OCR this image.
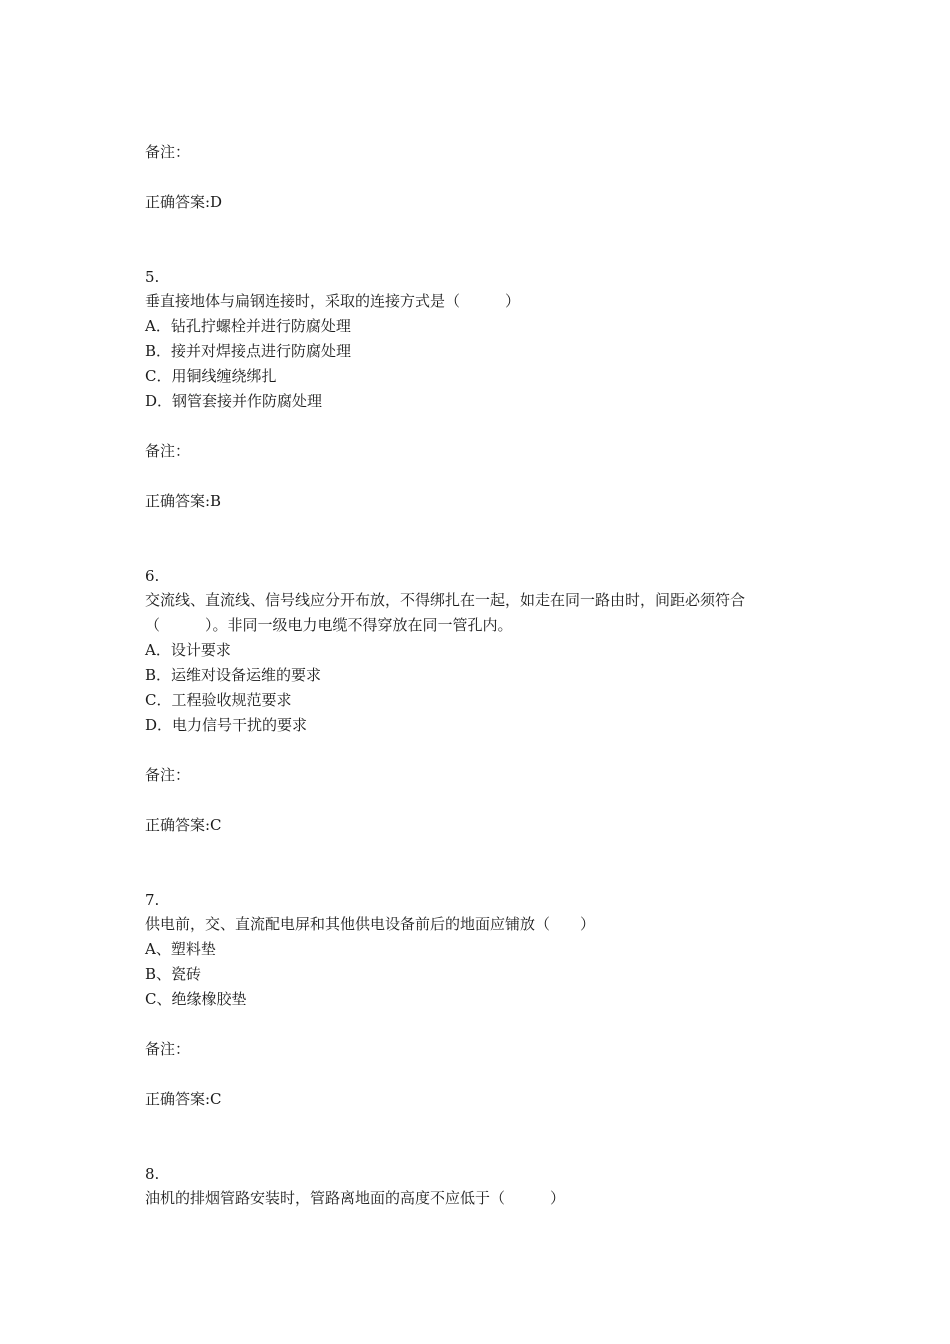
备注：
正确答案:D
5.
垂直接地体与扁钢连接时，采取的连接方式是（　　　）
A．钻孔拧螺栓并进行防腐处理
B．接并对焊接点进行防腐处理
C．用铜线缠绕绑扎
D．钢管套接并作防腐处理
备注：
正确答案:B
6.
交流线、直流线、信号线应分开布放，不得绑扎在一起，如走在同一路由时，间距必须符合
（　　　）。非同一级电力电缆不得穿放在同一管孔内。
A．设计要求
B．运维对设备运维的要求
C．工程验收规范要求
D．电力信号干扰的要求
备注：
正确答案:C
7.
供电前，交、直流配电屏和其他供电设备前后的地面应铺放（　　）
A、塑料垫
B、瓷砖
C、绝缘橡胶垫
备注：
正确答案:C
8.
油机的排烟管路安装时，管路离地面的高度不应低于（　　　）
